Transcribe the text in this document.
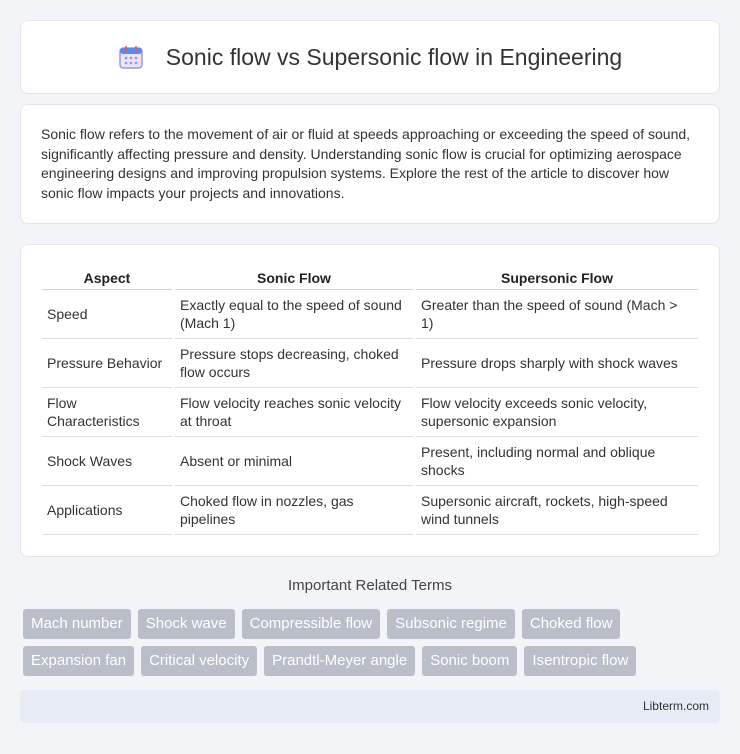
Sonic flow vs Supersonic flow in Engineering

Sonic flow refers to the movement of air or fluid at speeds approaching or exceeding the speed of sound, significantly affecting pressure and density. Understanding sonic flow is crucial for optimizing aerospace engineering designs and improving propulsion systems. Explore the rest of the article to discover how sonic flow impacts your projects and innovations.

Aspect	Sonic Flow	Supersonic Flow
Speed	Exactly equal to the speed of sound (Mach 1)	Greater than the speed of sound (Mach > 1)
Pressure Behavior	Pressure stops decreasing, choked flow occurs	Pressure drops sharply with shock waves
Flow Characteristics	Flow velocity reaches sonic velocity at throat	Flow velocity exceeds sonic velocity, supersonic expansion
Shock Waves	Absent or minimal	Present, including normal and oblique shocks
Applications	Choked flow in nozzles, gas pipelines	Supersonic aircraft, rockets, high-speed wind tunnels
Important Related Terms
Mach number	Shock wave	Compressible flow	Subsonic regime	Choked flow
Expansion fan	Critical velocity	Prandtl-Meyer angle	Sonic boom	Isentropic flow
Libterm.com
